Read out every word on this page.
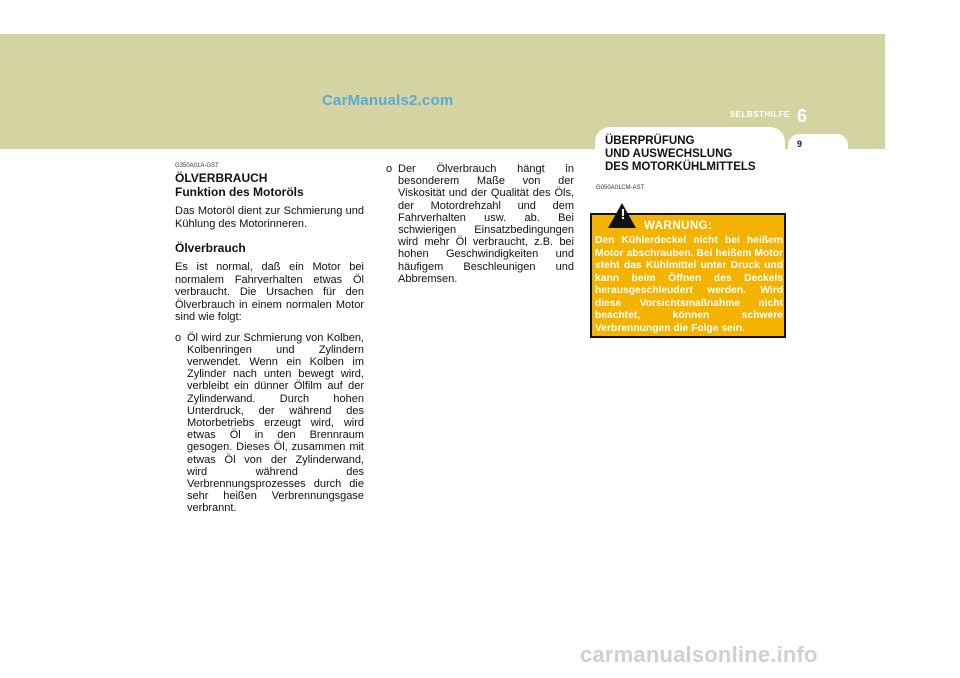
CarManuals2.com
SELBSTHILFE 6
9
ÜBERPRÜFUNG
UND AUSWECHSLUNG
DES MOTORKÜHLMITTELS
G350A01A-GST
ÖLVERBRAUCH
Funktion des Motoröls
Das Motoröl dient zur Schmierung und Kühlung des Motorinneren.
Ölverbrauch
Es ist normal, daß ein Motor bei normalem Fahrverhalten etwas Öl verbraucht. Die Ursachen für den Ölverbrauch in einem normalen Motor sind wie folgt:
o Öl wird zur Schmierung von Kolben, Kolbenringen und Zylindern verwendet. Wenn ein Kolben im Zylinder nach unten bewegt wird, verbleibt ein dünner Ölfilm auf der Zylinderwand. Durch hohen Unterdruck, der während des Motorbetriebs erzeugt wird, wird etwas Öl in den Brennraum gesogen. Dieses Öl, zusammen mit etwas Öl von der Zylinderwand, wird während des Verbrennungsprozesses durch die sehr heißen Verbrennungsgase verbrannt.
o Der Ölverbrauch hängt in besonderem Maße von der Viskosität und der Qualität des Öls, der Motordrehzahl und dem Fahrverhalten usw. ab. Bei schwierigen Einsatzbedingungen wird mehr Öl verbraucht, z.B. bei hohen Geschwindigkeiten und häufigem Beschleunigen und Abbremsen.
G050A01CM-AST
!
WARNUNG:
Den Kühlerdeckel nicht bei heißem Motor abschrauben. Bei heißem Motor steht das Kühlmittel unter Druck und kann beim Öffnen des Deckels herausgeschleudert werden. Wird diese Vorsichtsmaßnahme nicht beachtet, können schwere Verbrennungen die Folge sein.
carmanualsonline.info
